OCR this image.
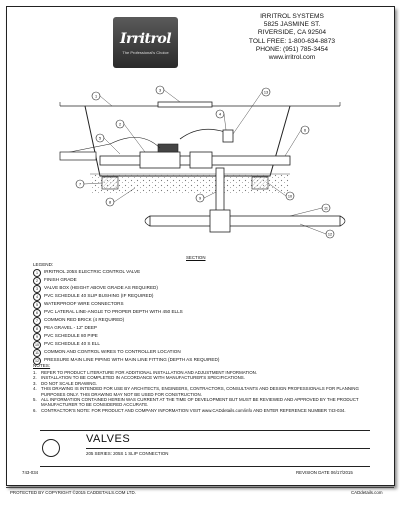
Irritrol
The Professional's Choice
IRRITROL SYSTEMS
5825 JASMINE ST.
RIVERSIDE, CA 92504
TOLL FREE: 1-800-634-8873
PHONE: (951) 785-3454
www.irritrol.com
1
2
3
4
5
6
7
8
9	10
11
12
13
SECTION
LEGEND:
1	IRRITROL 205S ELECTRIC CONTROL VALVE
2	FINISH GRADE
3	VALVE BOX (HEIGHT ABOVE GRADE AS REQUIRED)
4	PVC SCHEDULE 40 SLIP BUSHING (IF REQUIRED)
5	WATERPROOF WIRE CONNECTORS
6	PVC LATERAL LINE-ANGLE TO PROPER DEPTH WITH 450 ELLS
7	COMMON RED BRICK (4 REQUIRED)
8	PEA GRAVEL - 12" DEEP
9	PVC SCHEDULE 80 PIPE
10	PVC SCHEDULE 40 S ELL
11	COMMON AND CONTROL WIRES TO CONTROLLER LOCATION
12	PRESSURE MAIN LINE PIPING WITH MAIN LINE FITTING (DEPTH AS REQUIRED)
NOTES:
1. REFER TO PRODUCT LITERATURE FOR ADDITIONAL INSTALLATION AND ADJUSTMENT INFORMATION.
2. INSTALLATION TO BE COMPLETED IN ACCORDANCE WITH MANUFACTURER'S SPECIFICATIONS.
3. DO NOT SCALE DRAWING.
4. THIS DRAWING IS INTENDED FOR USE BY ARCHITECTS, ENGINEERS, CONTRACTORS, CONSULTANTS AND DESIGN PROFESSIONALS FOR PLANNING PURPOSES ONLY. THIS DRAWING MAY NOT BE USED FOR CONSTRUCTION.
5. ALL INFORMATION CONTAINED HEREIN WAS CURRENT AT THE TIME OF DEVELOPMENT BUT MUST BE REVIEWED AND APPROVED BY THE PRODUCT MANUFACTURER TO BE CONSIDERED ACCURATE.
6. CONTRACTOR'S NOTE: FOR PRODUCT AND COMPANY INFORMATION VISIT www.CADdetails.com/info AND ENTER REFERENCE NUMBER 743-034.
VALVES
205 SERIES: 205S 1 SLIP CONNECTION
743-034	REVISION DATE 06/17/2015
PROTECTED BY COPYRIGHT ©2015 CADDETAILS.COM LTD.	CADdetails.com
